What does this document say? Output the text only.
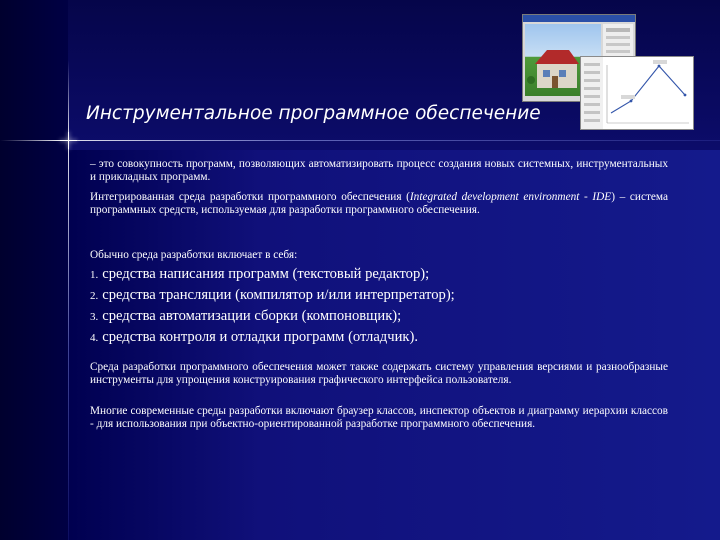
Инструментальное программное обеспечение

– это совокупность программ, позволяющих автоматизировать процесс создания новых системных, инструментальных и прикладных программ.

Интегрированная среда разработки программного обеспечения (Integrated development environment - IDE) – система программных средств, используемая для разработки программного обеспечения.

Обычно среда разработки включает в себя:

1. средства написания программ (текстовый редактор);
2. средства трансляции (компилятор и/или интерпретатор);
3. средства автоматизации сборки (компоновщик);
4. средства контроля и отладки программ (отладчик).

Среда разработки программного обеспечения может также содержать систему управления версиями и разнообразные инструменты для упрощения конструирования графического интерфейса пользователя.

Многие современные среды разработки включают браузер классов, инспектор объектов и диаграмму иерархии классов - для использования при объектно-ориентированной разработке программного обеспечения.
